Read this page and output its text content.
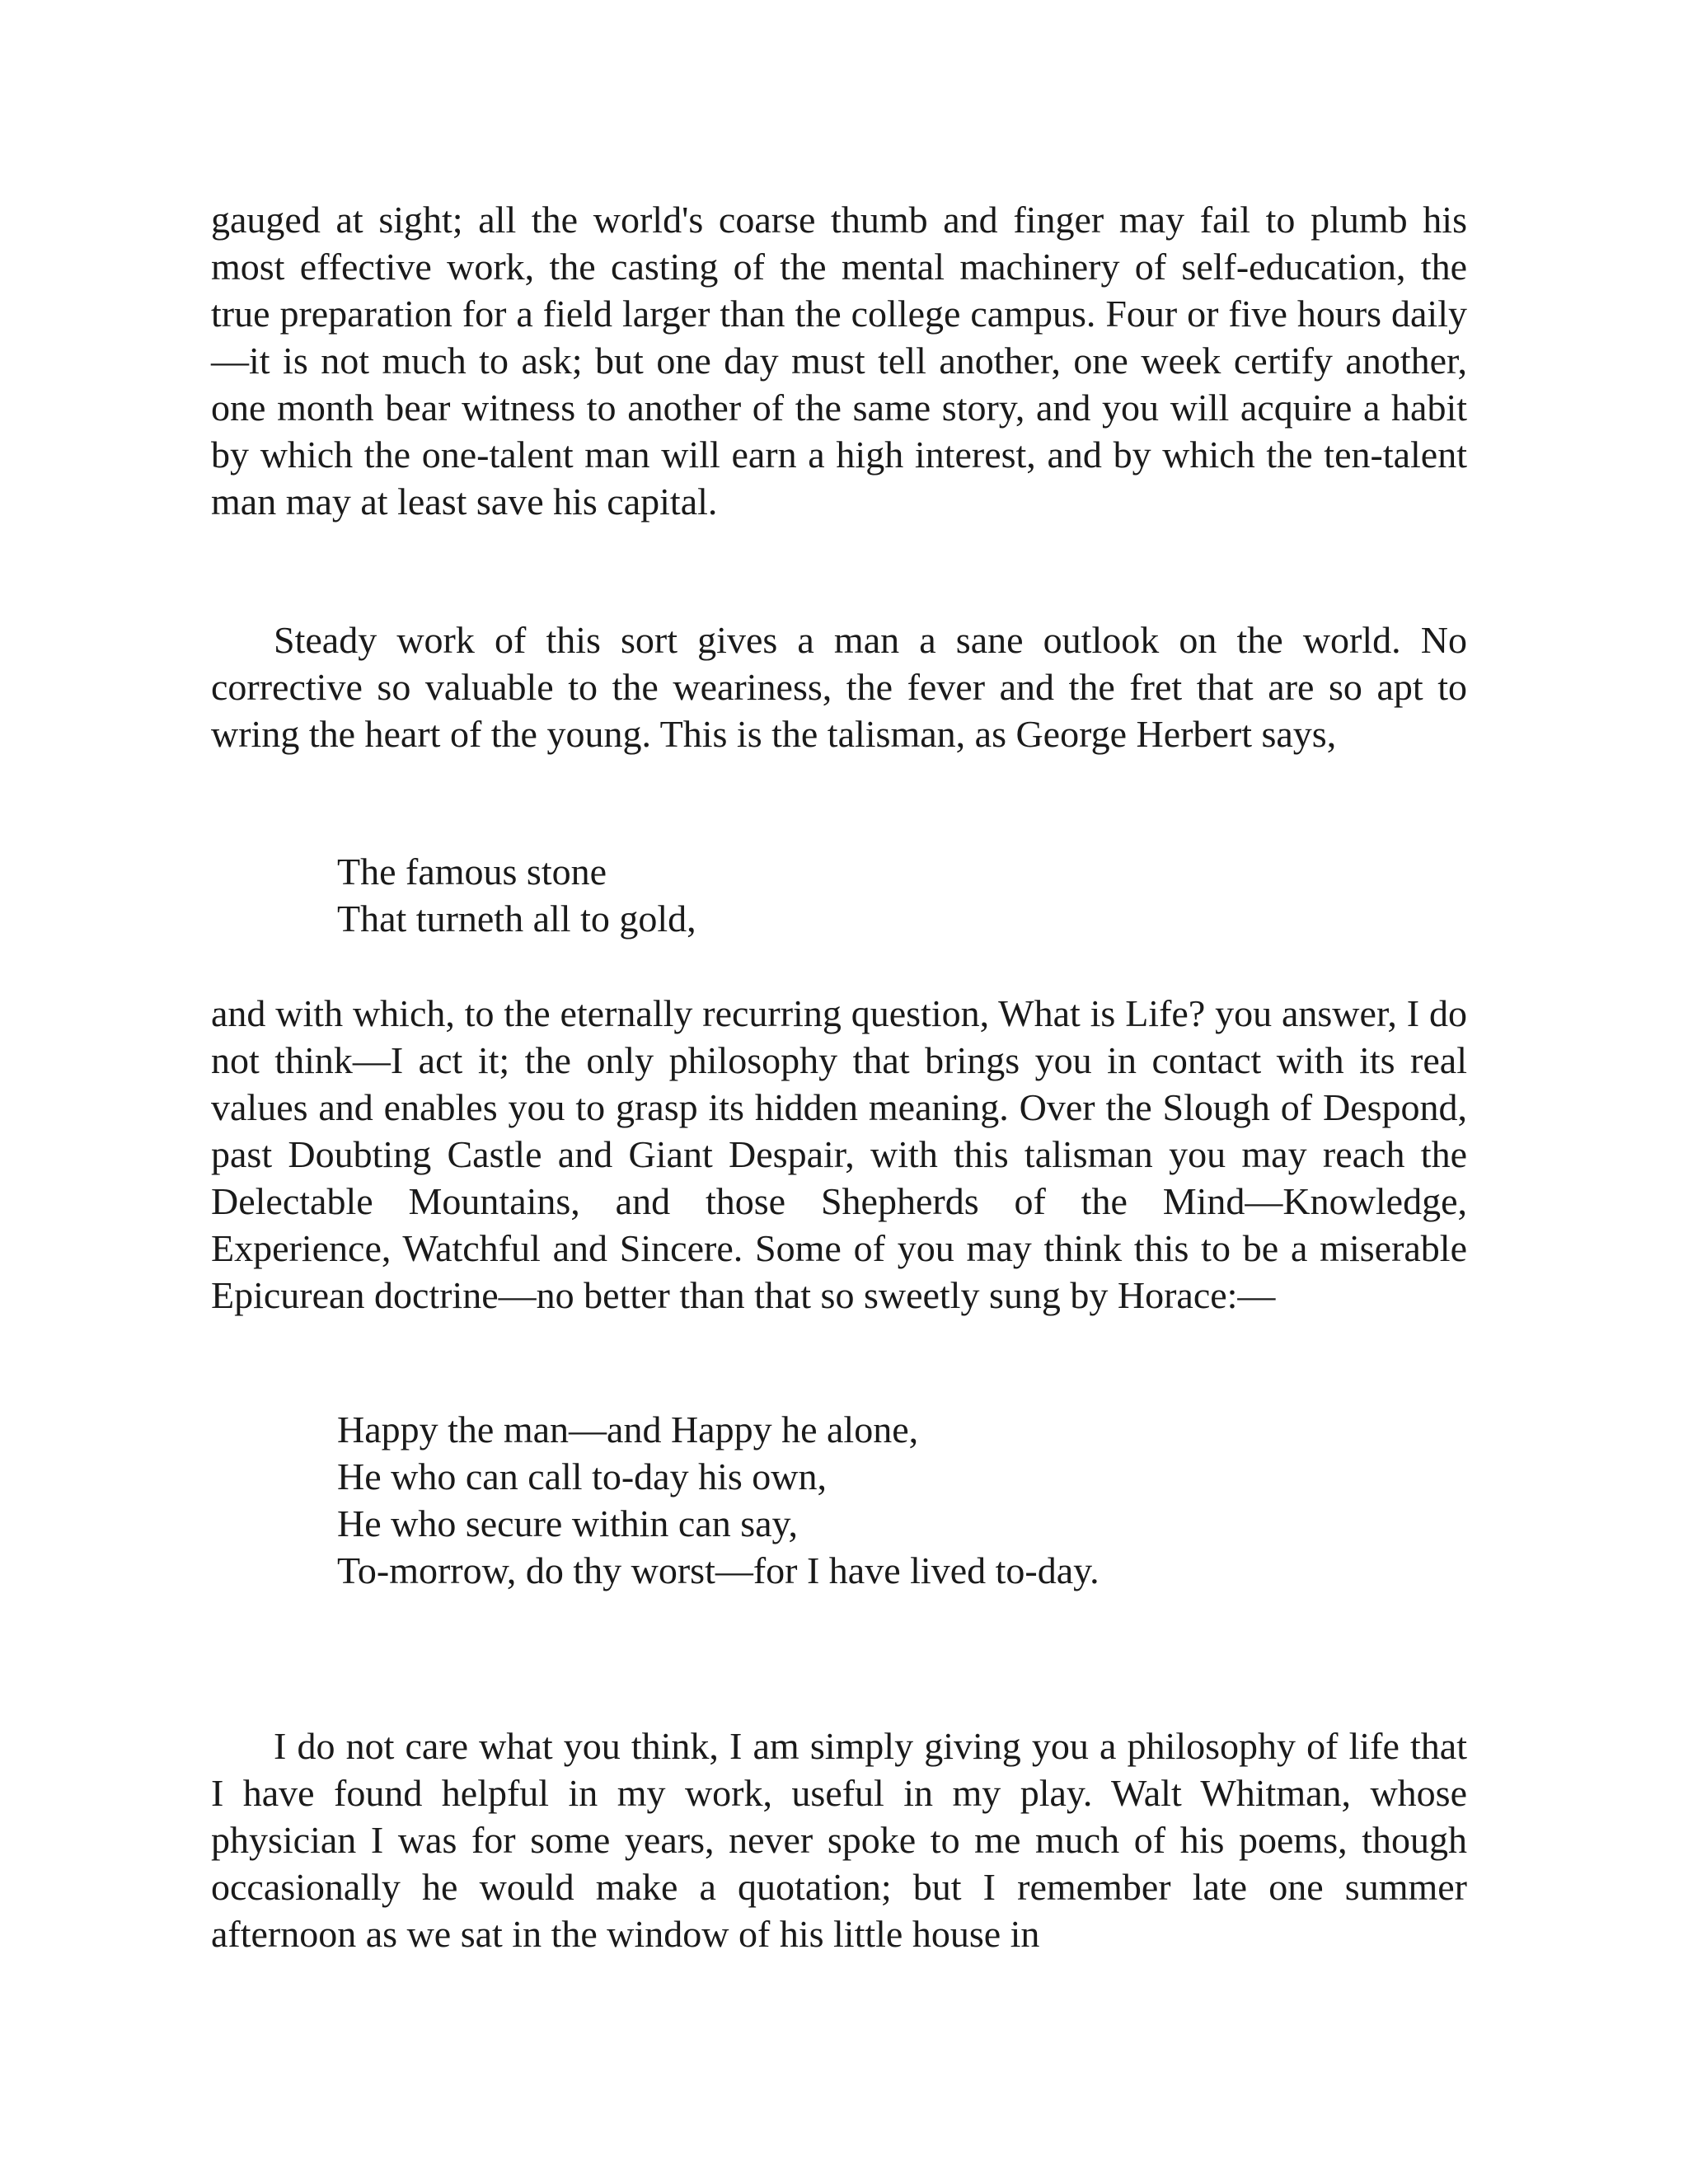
gauged at sight; all the world's coarse thumb and finger may fail to plumb his most effective work, the casting of the mental machinery of self-education, the true preparation for a field larger than the college campus. Four or five hours daily—it is not much to ask; but one day must tell another, one week certify another, one month bear witness to another of the same story, and you will acquire a habit by which the one-talent man will earn a high interest, and by which the ten-talent man may at least save his capital.

Steady work of this sort gives a man a sane outlook on the world. No corrective so valuable to the weariness, the fever and the fret that are so apt to wring the heart of the young. This is the talisman, as George Herbert says,

The famous stone
That turneth all to gold,

and with which, to the eternally recurring question, What is Life? you answer, I do not think—I act it; the only philosophy that brings you in contact with its real values and enables you to grasp its hidden meaning. Over the Slough of Despond, past Doubting Castle and Giant Despair, with this talisman you may reach the Delectable Mountains, and those Shepherds of the Mind—Knowledge, Experience, Watchful and Sincere. Some of you may think this to be a miserable Epicurean doctrine—no better than that so sweetly sung by Horace:—

Happy the man—and Happy he alone,
He who can call to-day his own,
He who secure within can say,
To-morrow, do thy worst—for I have lived to-day.

I do not care what you think, I am simply giving you a philosophy of life that I have found helpful in my work, useful in my play. Walt Whitman, whose physician I was for some years, never spoke to me much of his poems, though occasionally he would make a quotation; but I remember late one summer afternoon as we sat in the window of his little house in
